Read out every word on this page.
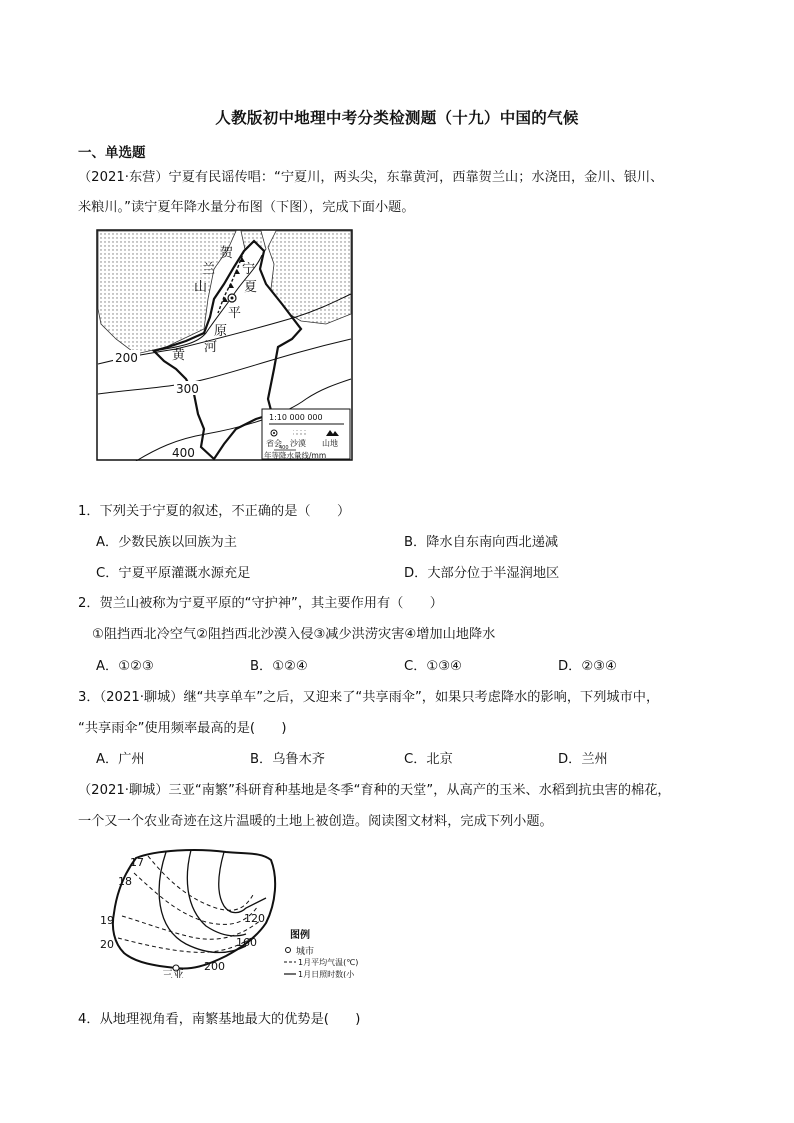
人教版初中地理中考分类检测题（十九）中国的气候
一、单选题
（2021·东营）宁夏有民谣传唱：“宁夏川，两头尖，东靠黄河，西靠贺兰山；水浇田，金川、银川、
米粮川。”读宁夏年降水量分布图（下图），完成下面小题。
贺
兰
山
宁
夏
平
原
黄
河
200
300
400
1:10 000 000
省会 沙漠 山地
400
年等降水量线/mm
1．下列关于宁夏的叙述，不正确的是（　　）
A．少数民族以回族为主	B．降水自东南向西北递减
C．宁夏平原灌溉水源充足	D．大部分位于半湿润地区
2．贺兰山被称为宁夏平原的“守护神”，其主要作用有（　　）
①阻挡西北冷空气②阻挡西北沙漠入侵③减少洪涝灾害④增加山地降水
A．①②③	B．①②④	C．①③④	D．②③④
3．（2021·聊城）继“共享单车”之后，又迎来了“共享雨伞”，如果只考虑降水的影响，下列城市中，
“共享雨伞”使用频率最高的是(　　)
A．广州	B．乌鲁木齐	C．北京	D．兰州
（2021·聊城）三亚“南繁”科研育种基地是冬季“育种的天堂”，从高产的玉米、水稻到抗虫害的棉花，
一个又一个农业奇迹在这片温暖的土地上被创造。阅读图文材料，完成下列小题。
17
18
19
20
120
160
200
三亚
图例
城市
1月平均气温(℃)
1月日照时数(小
4．从地理视角看，南繁基地最大的优势是(　　)
